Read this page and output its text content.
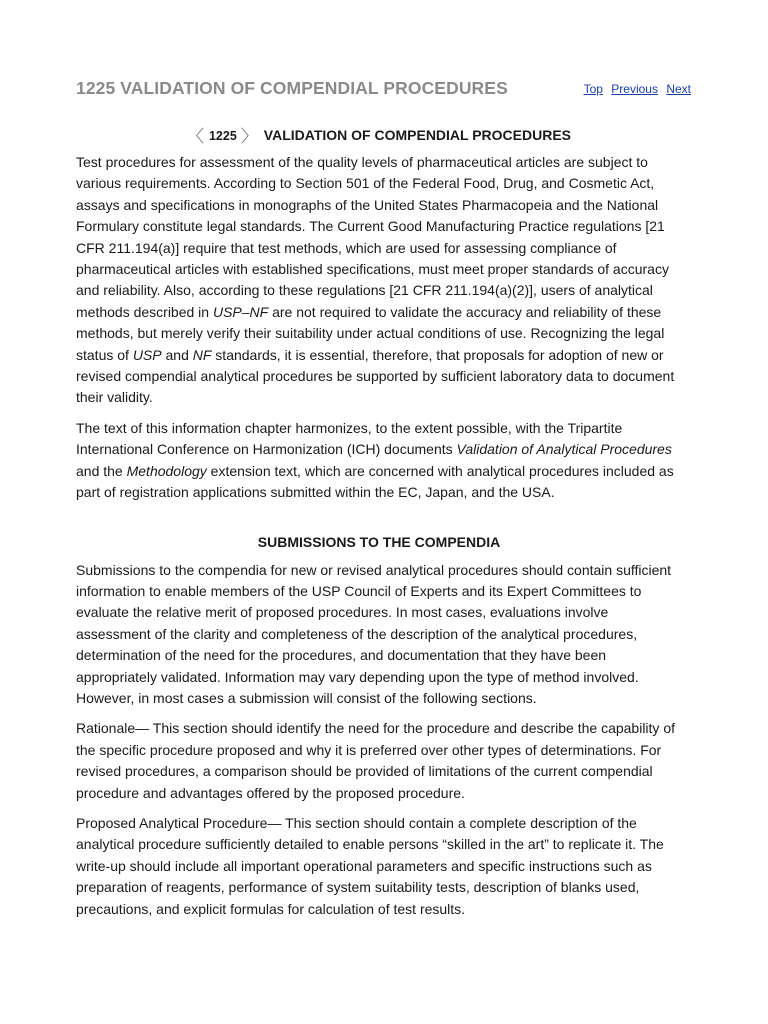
1225 VALIDATION OF COMPENDIAL PROCEDURES	Top Previous Next
〈 1225 〉 VALIDATION OF COMPENDIAL PROCEDURES

Test procedures for assessment of the quality levels of pharmaceutical articles are subject to various requirements. According to Section 501 of the Federal Food, Drug, and Cosmetic Act, assays and specifications in monographs of the United States Pharmacopeia and the National Formulary constitute legal standards. The Current Good Manufacturing Practice regulations [21 CFR 211.194(a)] require that test methods, which are used for assessing compliance of pharmaceutical articles with established specifications, must meet proper standards of accuracy and reliability. Also, according to these regulations [21 CFR 211.194(a)(2)], users of analytical methods described in USP–NF are not required to validate the accuracy and reliability of these methods, but merely verify their suitability under actual conditions of use. Recognizing the legal status of USP and NF standards, it is essential, therefore, that proposals for adoption of new or revised compendial analytical procedures be supported by sufficient laboratory data to document their validity.

The text of this information chapter harmonizes, to the extent possible, with the Tripartite International Conference on Harmonization (ICH) documents Validation of Analytical Procedures and the Methodology extension text, which are concerned with analytical procedures included as part of registration applications submitted within the EC, Japan, and the USA.

SUBMISSIONS TO THE COMPENDIA

Submissions to the compendia for new or revised analytical procedures should contain sufficient information to enable members of the USP Council of Experts and its Expert Committees to evaluate the relative merit of proposed procedures. In most cases, evaluations involve assessment of the clarity and completeness of the description of the analytical procedures, determination of the need for the procedures, and documentation that they have been appropriately validated. Information may vary depending upon the type of method involved. However, in most cases a submission will consist of the following sections.

Rationale— This section should identify the need for the procedure and describe the capability of the specific procedure proposed and why it is preferred over other types of determinations. For revised procedures, a comparison should be provided of limitations of the current compendial procedure and advantages offered by the proposed procedure.

Proposed Analytical Procedure— This section should contain a complete description of the analytical procedure sufficiently detailed to enable persons “skilled in the art” to replicate it. The write-up should include all important operational parameters and specific instructions such as preparation of reagents, performance of system suitability tests, description of blanks used, precautions, and explicit formulas for calculation of test results.
